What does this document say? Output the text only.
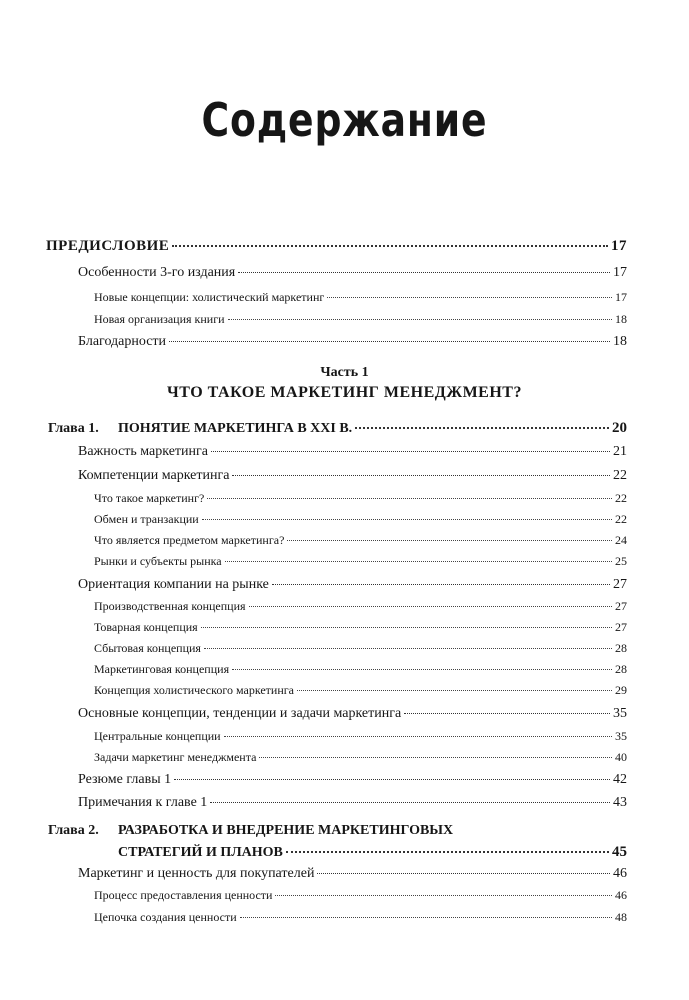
Содержание
ПРЕДИСЛОВИЕ	17
Особенности 3-го издания	17
Новые концепции: холистический маркетинг	17
Новая организация книги	18
Благодарности	18
Часть 1
ЧТО ТАКОЕ МАРКЕТИНГ МЕНЕДЖМЕНТ?
Глава 1.	ПОНЯТИЕ МАРКЕТИНГА В XXI В.	20
Важность маркетинга	21
Компетенции маркетинга	22
Что такое маркетинг?	22
Обмен и транзакции	22
Что является предметом маркетинга?	24
Рынки и субъекты рынка	25
Ориентация компании на рынке	27
Производственная концепция	27
Товарная концепция	27
Сбытовая концепция	28
Маркетинговая концепция	28
Концепция холистического маркетинга	29
Основные концепции, тенденции и задачи маркетинга	35
Центральные концепции	35
Задачи маркетинг менеджмента	40
Резюме главы 1	42
Примечания к главе 1	43
Глава 2. РАЗРАБОТКА И ВНЕДРЕНИЕ МАРКЕТИНГОВЫХ
СТРАТЕГИЙ И ПЛАНОВ	45
Маркетинг и ценность для покупателей	46
Процесс предоставления ценности	46
Цепочка создания ценности	48
